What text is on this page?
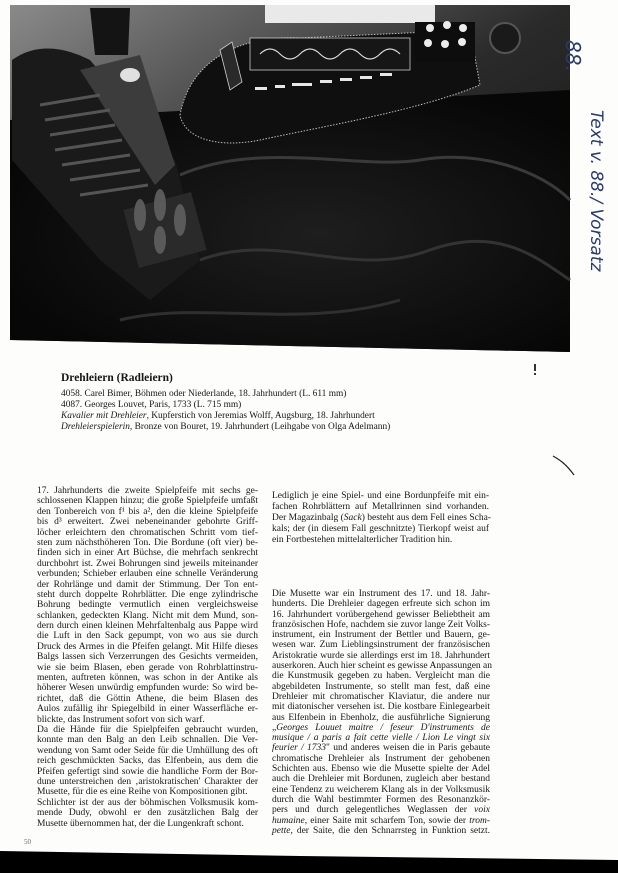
88.
Text v. 88./ Vorsatz
Drehleiern (Radleiern)
4058. Carel Bimer, Böhmen oder Niederlande, 18. Jahrhundert (L. 611 mm)
4087. Georges Louvet, Paris, 1733 (L. 715 mm)
Kavalier mit Drehleier, Kupferstich von Jeremias Wolff, Augsburg, 18. Jahrhundert
Drehleierspielerin, Bronze von Bouret, 19. Jahrhundert (Leihgabe von Olga Adelmann)
17. Jahrhunderts die zweite Spielpfeife mit sechs ge-
schlossenen Klappen hinzu; die große Spielpfeife umfaßt
den Tonbereich von f¹ bis a², den die kleine Spielpfeife
bis d³ erweitert. Zwei nebeneinander gebohrte Griff-
löcher erleichtern den chromatischen Schritt vom tief-
sten zum nächsthöheren Ton. Die Bordune (oft vier) be-
finden sich in einer Art Büchse, die mehrfach senkrecht
durchbohrt ist. Zwei Bohrungen sind jeweils miteinander
verbunden; Schieber erlauben eine schnelle Veränderung
der Rohrlänge und damit der Stimmung. Der Ton ent-
steht durch doppelte Rohrblätter. Die enge zylindrische
Bohrung bedingte vermutlich einen vergleichsweise
schlanken, gedeckten Klang. Nicht mit dem Mund, son-
dern durch einen kleinen Mehrfaltenbalg aus Pappe wird
die Luft in den Sack gepumpt, von wo aus sie durch
Druck des Armes in die Pfeifen gelangt. Mit Hilfe dieses
Balgs lassen sich Verzerrungen des Gesichts vermeiden,
wie sie beim Blasen, eben gerade von Rohrblattinstru-
menten, auftreten können, was schon in der Antike als
höherer Wesen unwürdig empfunden wurde: So wird be-
richtet, daß die Göttin Athene, die beim Blasen des
Aulos zufällig ihr Spiegelbild in einer Wasserfläche er-
blickte, das Instrument sofort von sich warf.
Da die Hände für die Spielpfeifen gebraucht wurden,
konnte man den Balg an den Leib schnallen. Die Ver-
wendung von Samt oder Seide für die Umhüllung des oft
reich geschmückten Sacks, das Elfenbein, aus dem die
Pfeifen gefertigt sind sowie die handliche Form der Bor-
dune unterstreichen den ‚aristokratischen' Charakter der
Musette, für die es eine Reihe von Kompositionen gibt.
Schlichter ist der aus der böhmischen Volksmusik kom-
mende Dudy, obwohl er den zusätzlichen Balg der
Musette übernommen hat, der die Lungenkraft schont.
Lediglich je eine Spiel- und eine Bordunpfeife mit ein-
fachen Rohrblättern auf Metallrinnen sind vorhanden.
Der Magazinbalg (Sack) besteht aus dem Fell eines Scha-
kals; der (in diesem Fall geschnitzte) Tierkopf weist auf
ein Fortbestehen mittelalterlicher Tradition hin.
Die Musette war ein Instrument des 17. und 18. Jahr-
hunderts. Die Drehleier dagegen erfreute sich schon im
16. Jahrhundert vorübergehend gewisser Beliebtheit am
französischen Hofe, nachdem sie zuvor lange Zeit Volks-
instrument, ein Instrument der Bettler und Bauern, ge-
wesen war. Zum Lieblingsinstrument der französischen
Aristokratie wurde sie allerdings erst im 18. Jahrhundert
auserkoren. Auch hier scheint es gewisse Anpassungen an
die Kunstmusik gegeben zu haben. Vergleicht man die
abgebildeten Instrumente, so stellt man fest, daß eine
Drehleier mit chromatischer Klaviatur, die andere nur
mit diatonischer versehen ist. Die kostbare Einlegearbeit
aus Elfenbein in Ebenholz, die ausführliche Signierung
„Georges Louuet maitre / feseur D'instruments de
musique / a paris a fait cette vielle / Lion Le vingt six
feurier / 1733" und anderes weisen die in Paris gebaute
chromatische Drehleier als Instrument der gehobenen
Schichten aus. Ebenso wie die Musette spielte der Adel
auch die Drehleier mit Bordunen, zugleich aber bestand
eine Tendenz zu weicherem Klang als in der Volksmusik
durch die Wahl bestimmter Formen des Resonanzkör-
pers und durch gelegentliches Weglassen der voix
humaine, einer Saite mit scharfem Ton, sowie der trom-
pette, der Saite, die den Schnarrsteg in Funktion setzt.
50
